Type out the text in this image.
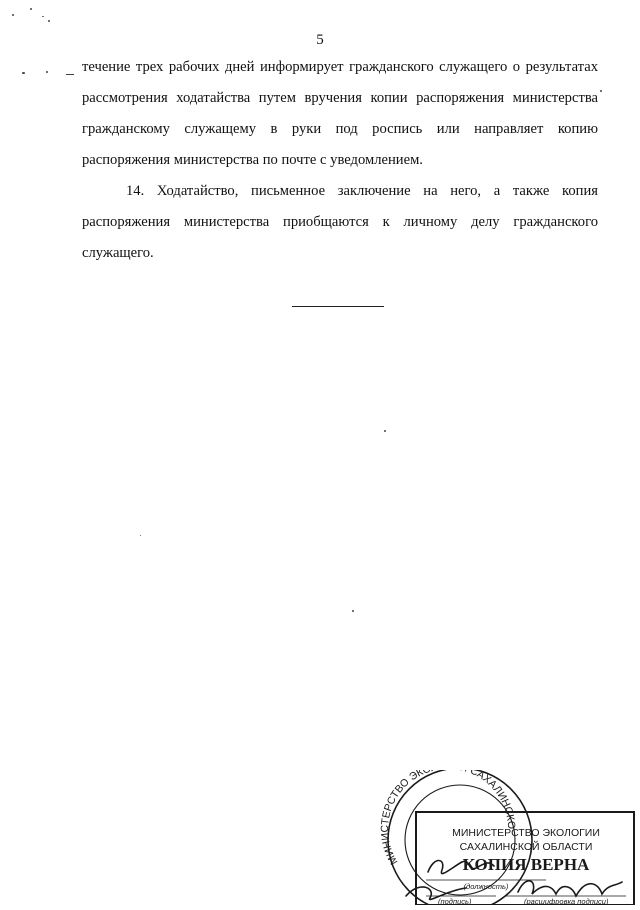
5

течение трех рабочих дней информирует гражданского служащего о результатах рассмотрения ходатайства путем вручения копии распоряжения министерства гражданскому служащему в руки под роспись или направляет копию распоряжения министерства по почте с уведомлением.

14. Ходатайство, письменное заключение на него, а также копия распоряжения министерства приобщаются к личному делу гражданского служащего.

МИНИСТЕРСТВО ЭК САХАЛИНСКО
МИНИСТЕРСТВО ЭКОЛОГИИ
САХАЛИНСКОЙ ОБЛАСТИ
КОПИЯ ВЕРНА
(должность)
(подпись)	(расшифровка подписи)
